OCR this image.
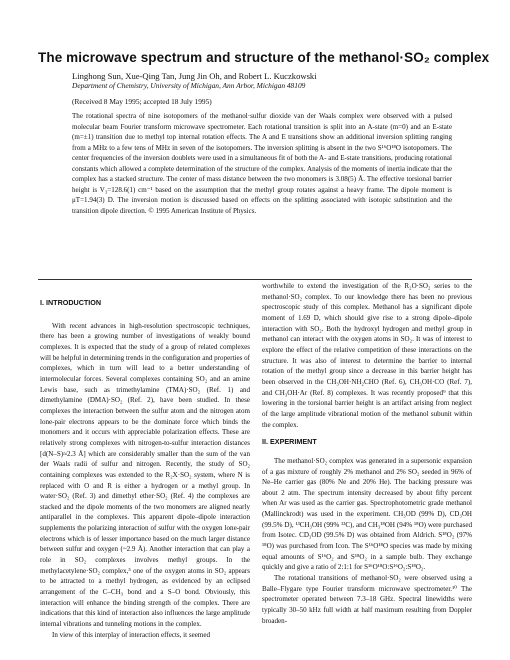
The microwave spectrum and structure of the methanol·SO₂ complex
Linghong Sun, Xue-Qing Tan, Jung Jin Oh, and Robert L. Kuczkowski
Department of Chemistry, University of Michigan, Ann Arbor, Michigan 48109
(Received 8 May 1995; accepted 18 July 1995)
The rotational spectra of nine isotopomers of the methanol·sulfur dioxide van der Waals complex were observed with a pulsed molecular beam Fourier transform microwave spectrometer. Each rotational transition is split into an A-state (m=0) and an E-state (m=±1) transition due to methyl top internal rotation effects. The A and E transitions show an additional inversion splitting ranging from a MHz to a few tens of MHz in seven of the isotopomers. The inversion splitting is absent in the two S¹⁶O¹⁸O isotopomers. The center frequencies of the inversion doublets were used in a simultaneous fit of both the A- and E-state transitions, producing rotational constants which allowed a complete determination of the structure of the complex. Analysis of the moments of inertia indicate that the complex has a stacked structure. The center of mass distance between the two monomers is 3.08(5) Å. The effective torsional barrier height is V₃=128.6(1) cm⁻¹ based on the assumption that the methyl group rotates against a heavy frame. The dipole moment is μT=1.94(3) D. The inversion motion is discussed based on effects on the splitting associated with isotopic substitution and the transition dipole direction. © 1995 American Institute of Physics.
I. INTRODUCTION

With recent advances in high-resolution spectroscopic techniques, there has been a growing number of investigations of weakly bound complexes. It is expected that the study of a group of related complexes will be helpful in determining trends in the configuration and properties of complexes, which in turn will lead to a better understanding of intermolecular forces. Several complexes containing SO₂ and an amine Lewis base, such as trimethylamine (TMA)·SO₂ (Ref. 1) and dimethylamine (DMA)·SO₂ (Ref. 2), have been studied. In these complexes the interaction between the sulfur atom and the nitrogen atom lone-pair electrons appears to be the dominate force which binds the monomers and it occurs with appreciable polarization effects. These are relatively strong complexes with nitrogen-to-sulfur interaction distances [d(N–S)≈2.3 Å] which are considerably smaller than the sum of the van der Waals radii of sulfur and nitrogen. Recently, the study of SO₂ containing complexes was extended to the R₂X·SO₂ system, where N is replaced with O and R is either a hydrogen or a methyl group. In water·SO₂ (Ref. 3) and dimethyl ether·SO₂ (Ref. 4) the complexes are stacked and the dipole moments of the two monomers are aligned nearly antiparallel in the complexes. This apparent dipole–dipole interaction supplements the polarizing interaction of sulfur with the oxygen lone-pair electrons which is of lesser importance based on the much larger distance between sulfur and oxygen (~2.9 Å). Another interaction that can play a role in SO₂ complexes involves methyl groups. In the methylacetylene·SO₂ complex,⁵ one of the oxygen atoms in SO₂ appears to be attracted to a methyl hydrogen, as evidenced by an eclipsed arrangement of the C–CH₃ bond and a S–O bond. Obviously, this interaction will enhance the binding strength of the complex. There are indications that this kind of interaction also influences the large amplitude internal vibrations and tunneling motions in the complex.

In view of this interplay of interaction effects, it seemed

worthwhile to extend the investigation of the R₂O·SO₂ series to the methanol·SO₂ complex. To our knowledge there has been no previous spectroscopic study of this complex. Methanol has a significant dipole moment of 1.69 D, which should give rise to a strong dipole–dipole interaction with SO₂. Both the hydroxyl hydrogen and methyl group in methanol can interact with the oxygen atoms in SO₂. It was of interest to explore the effect of the relative competition of these interactions on the structure. It was also of interest to determine the barrier to internal rotation of the methyl group since a decrease in this barrier height has been observed in the CH₃OH·NH₂CHO (Ref. 6), CH₃OH·CO (Ref. 7), and CH₃OH·Ar (Ref. 8) complexes. It was recently proposed⁹ that this lowering in the torsional barrier height is an artifact arising from neglect of the large amplitude vibrational motion of the methanol subunit within the complex.

II. EXPERIMENT

The methanol·SO₂ complex was generated in a supersonic expansion of a gas mixture of roughly 2% methanol and 2% SO₂ seeded in 96% of Ne–He carrier gas (80% Ne and 20% He). The backing pressure was about 2 atm. The spectrum intensity decreased by about fifty percent when Ar was used as the carrier gas. Spectrophotometric grade methanol (Mallinckrodt) was used in the experiment. CH₃OD (99% D), CD₃OH (99.5% D), ¹³CH₃OH (99% ¹³C), and CH₃¹⁸OH (94% ¹⁸O) were purchased from Isotec. CD₃OD (99.5% D) was obtained from Aldrich. S¹⁸O₂ (97% ¹⁸O) was purchased from Icon. The S¹⁶O¹⁸O species was made by mixing equal amounts of S¹⁶O₂ and S¹⁸O₂ in a sample bulb. They exchange quickly and give a ratio of 2:1:1 for S¹⁶O¹⁸O:S¹⁶O₂:S¹⁸O₂.

The rotational transitions of methanol·SO₂ were observed using a Balle–Flygare type Fourier transform microwave spectrometer.¹⁰ The spectrometer operated between 7.3–18 GHz. Spectral linewidths were typically 30–50 kHz full width at half maximum resulting from Doppler broaden-
